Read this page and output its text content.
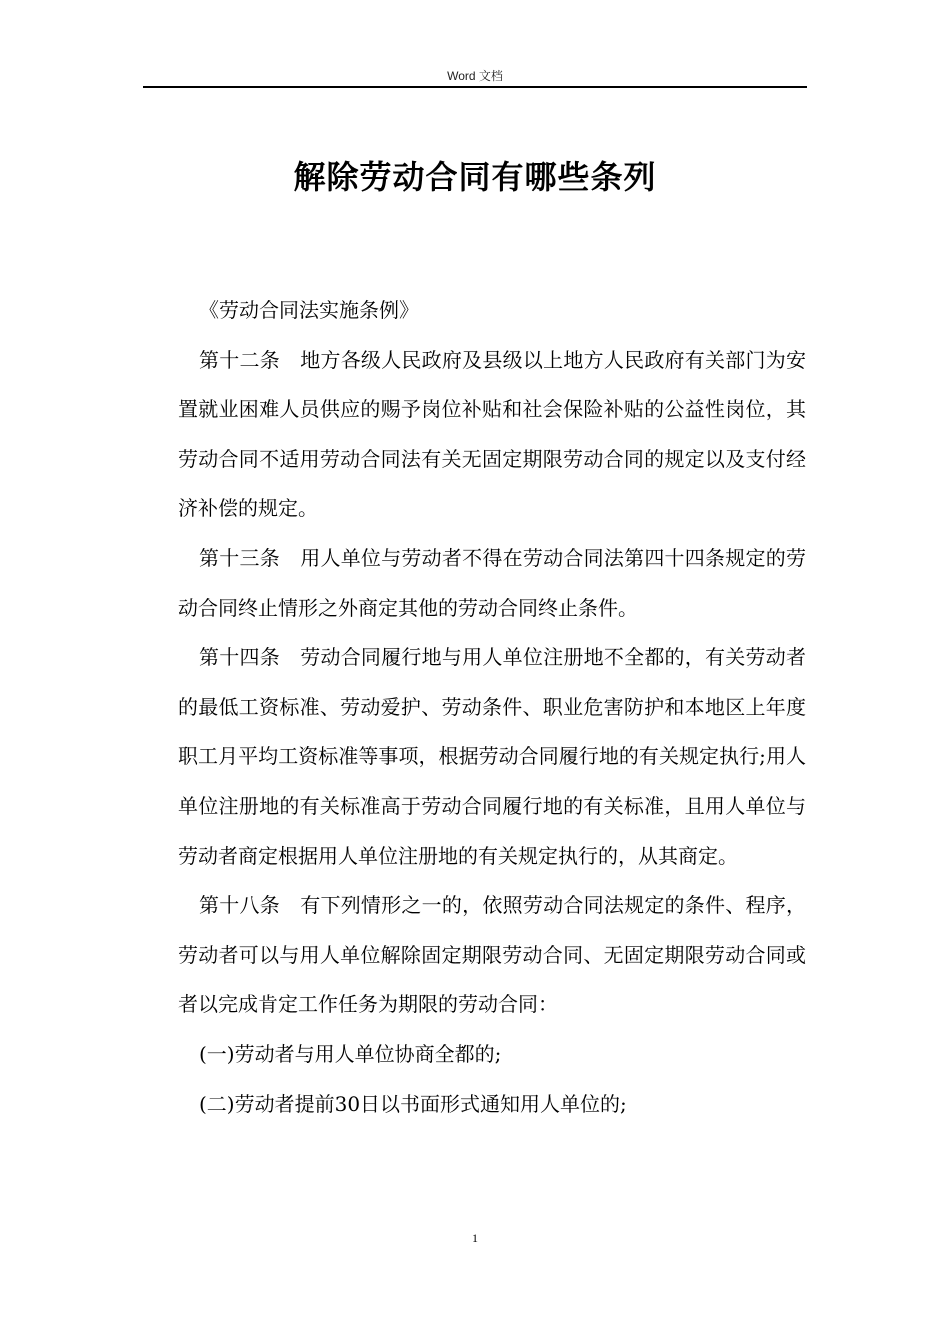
Word 文档
解除劳动合同有哪些条列

《劳动合同法实施条例》

第十二条 地方各级人民政府及县级以上地方人民政府有关部门为安置就业困难人员供应的赐予岗位补贴和社会保险补贴的公益性岗位，其劳动合同不适用劳动合同法有关无固定期限劳动合同的规定以及支付经济补偿的规定。

第十三条 用人单位与劳动者不得在劳动合同法第四十四条规定的劳动合同终止情形之外商定其他的劳动合同终止条件。

第十四条 劳动合同履行地与用人单位注册地不全都的，有关劳动者的最低工资标准、劳动爱护、劳动条件、职业危害防护和本地区上年度职工月平均工资标准等事项，根据劳动合同履行地的有关规定执行;用人单位注册地的有关标准高于劳动合同履行地的有关标准，且用人单位与劳动者商定根据用人单位注册地的有关规定执行的，从其商定。

第十八条 有下列情形之一的，依照劳动合同法规定的条件、程序，劳动者可以与用人单位解除固定期限劳动合同、无固定期限劳动合同或者以完成肯定工作任务为期限的劳动合同：

(一)劳动者与用人单位协商全都的;

(二)劳动者提前30日以书面形式通知用人单位的;

1
